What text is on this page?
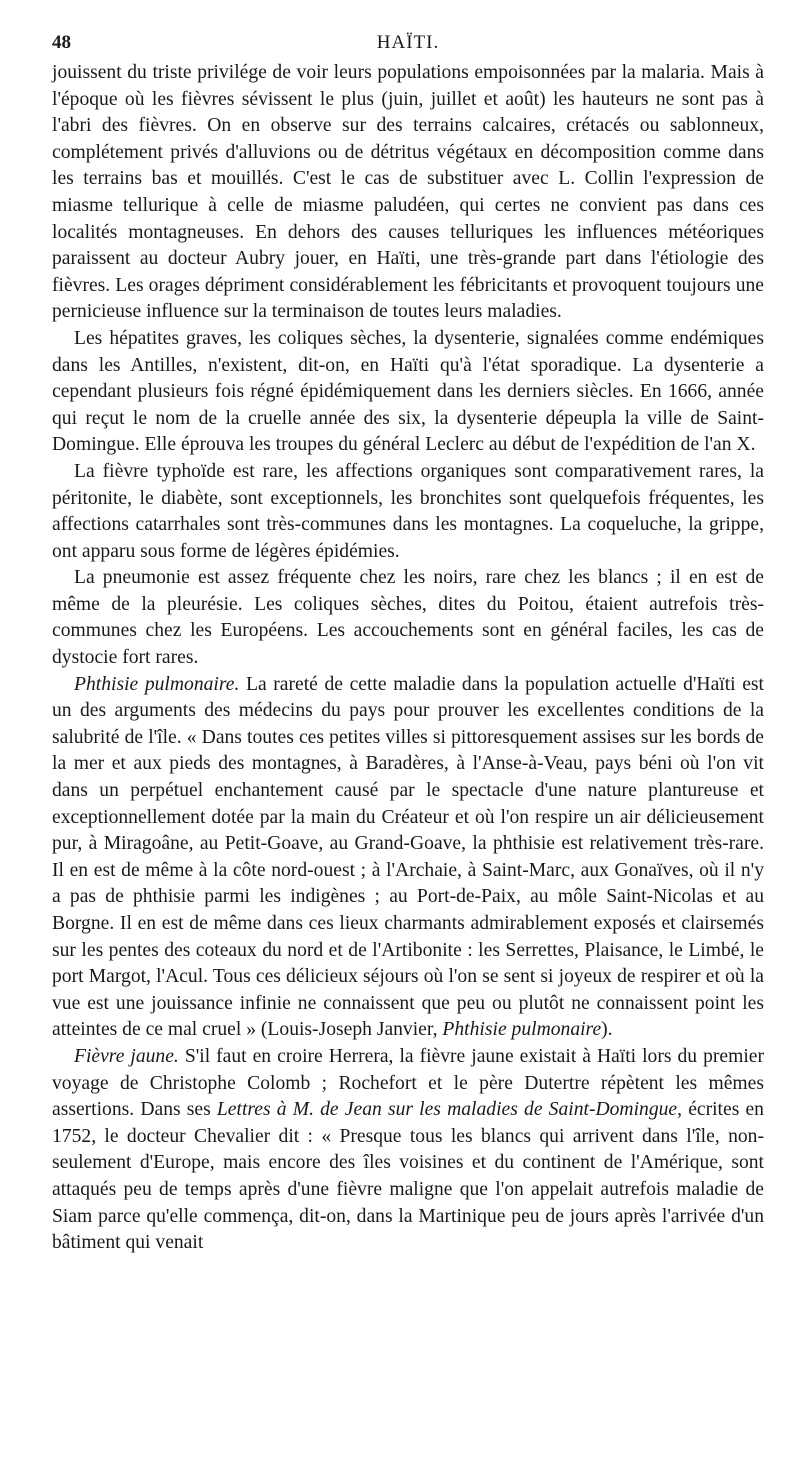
48	HAÏTI.

jouissent du triste privilége de voir leurs populations empoisonnées par la malaria. Mais à l'époque où les fièvres sévissent le plus (juin, juillet et août) les hauteurs ne sont pas à l'abri des fièvres. On en observe sur des terrains calcaires, crétacés ou sablonneux, complétement privés d'alluvions ou de détritus végétaux en décomposition comme dans les terrains bas et mouillés. C'est le cas de substituer avec L. Collin l'expression de miasme tellurique à celle de miasme paludéen, qui certes ne convient pas dans ces localités montagneuses. En dehors des causes telluriques les influences météoriques paraissent au docteur Aubry jouer, en Haïti, une très-grande part dans l'étiologie des fièvres. Les orages dépriment considérablement les fébricitants et provoquent toujours une pernicieuse influence sur la terminaison de toutes leurs maladies.

Les hépatites graves, les coliques sèches, la dysenterie, signalées comme endémiques dans les Antilles, n'existent, dit-on, en Haïti qu'à l'état sporadique. La dysenterie a cependant plusieurs fois régné épidémiquement dans les derniers siècles. En 1666, année qui reçut le nom de la cruelle année des six, la dysenterie dépeupla la ville de Saint-Domingue. Elle éprouva les troupes du général Leclerc au début de l'expédition de l'an X.

La fièvre typhoïde est rare, les affections organiques sont comparativement rares, la péritonite, le diabète, sont exceptionnels, les bronchites sont quelquefois fréquentes, les affections catarrhales sont très-communes dans les montagnes. La coqueluche, la grippe, ont apparu sous forme de légères épidémies.

La pneumonie est assez fréquente chez les noirs, rare chez les blancs ; il en est de même de la pleurésie. Les coliques sèches, dites du Poitou, étaient autrefois très-communes chez les Européens. Les accouchements sont en général faciles, les cas de dystocie fort rares.

Phthisie pulmonaire. La rareté de cette maladie dans la population actuelle d'Haïti est un des arguments des médecins du pays pour prouver les excellentes conditions de la salubrité de l'île. « Dans toutes ces petites villes si pittoresquement assises sur les bords de la mer et aux pieds des montagnes, à Baradères, à l'Anse-à-Veau, pays béni où l'on vit dans un perpétuel enchantement causé par le spectacle d'une nature plantureuse et exceptionnellement dotée par la main du Créateur et où l'on respire un air délicieusement pur, à Miragoâne, au Petit-Goave, au Grand-Goave, la phthisie est relativement très-rare. Il en est de même à la côte nord-ouest ; à l'Archaie, à Saint-Marc, aux Gonaïves, où il n'y a pas de phthisie parmi les indigènes ; au Port-de-Paix, au môle Saint-Nicolas et au Borgne. Il en est de même dans ces lieux charmants admirablement exposés et clairsemés sur les pentes des coteaux du nord et de l'Artibonite : les Serrettes, Plaisance, le Limbé, le port Margot, l'Acul. Tous ces délicieux séjours où l'on se sent si joyeux de respirer et où la vue est une jouissance infinie ne connaissent que peu ou plutôt ne connaissent point les atteintes de ce mal cruel » (Louis-Joseph Janvier, Phthisie pulmonaire).

Fièvre jaune. S'il faut en croire Herrera, la fièvre jaune existait à Haïti lors du premier voyage de Christophe Colomb ; Rochefort et le père Dutertre répètent les mêmes assertions. Dans ses Lettres à M. de Jean sur les maladies de Saint-Domingue, écrites en 1752, le docteur Chevalier dit : « Presque tous les blancs qui arrivent dans l'île, non-seulement d'Europe, mais encore des îles voisines et du continent de l'Amérique, sont attaqués peu de temps après d'une fièvre maligne que l'on appelait autrefois maladie de Siam parce qu'elle commença, dit-on, dans la Martinique peu de jours après l'arrivée d'un bâtiment qui venait
